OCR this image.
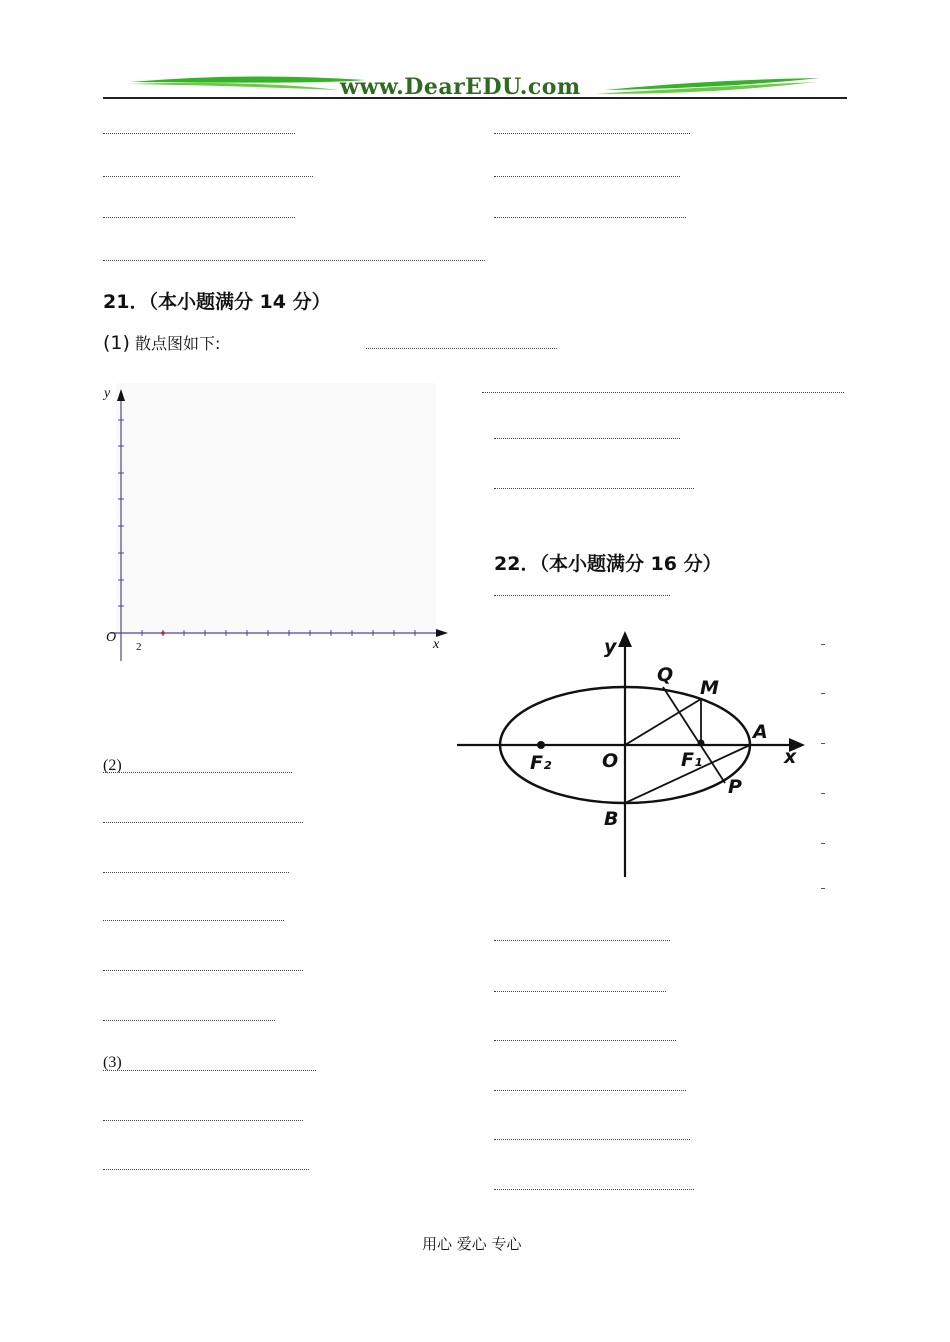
www.DearEDU.com
21．（本小题满分 14 分）
(1) 散点图如下:
y
O
2	x
(2)
(3)
22．（本小题满分 16 分）
y
Q
M
A
x
F₂	O	F₁
P
B
用心 爱心 专心
